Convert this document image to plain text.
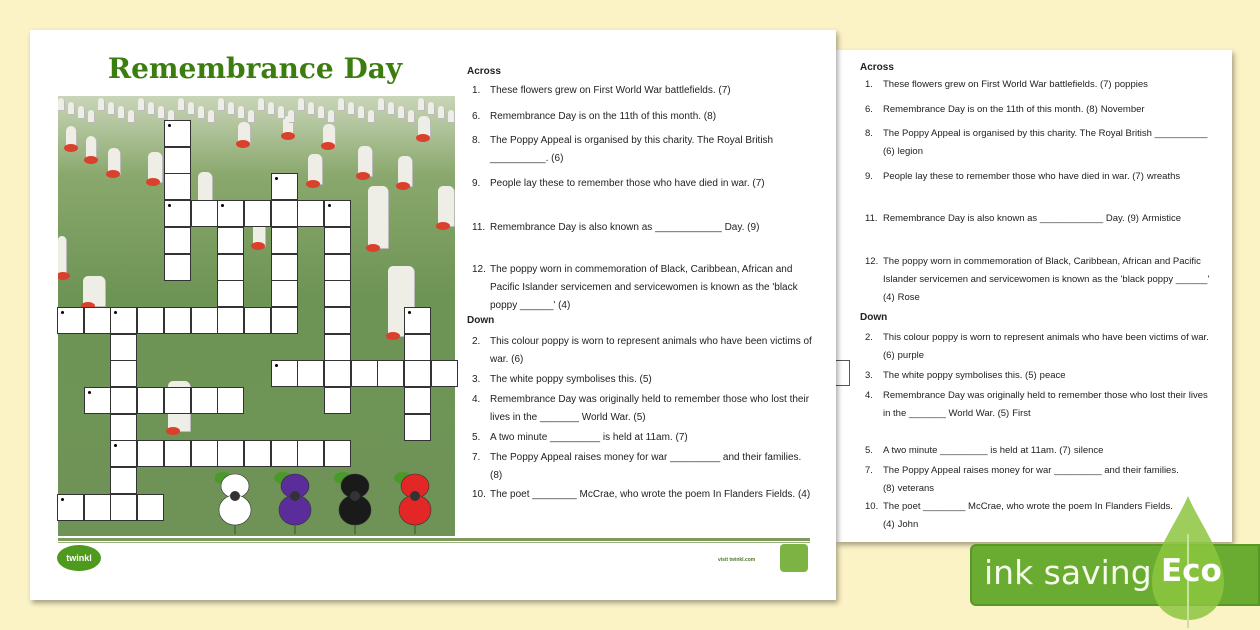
Across
Down
1.	These flowers grew on First World War battlefields. (7) poppies
6.	Remembrance Day is on the 11th of this month. (8) November
8.	The Poppy Appeal is organised by this charity. The Royal British __________ (6) legion
9.	People lay these to remember those who have died in war. (7) wreaths
11. Remembrance Day is also known as ____________ Day. (9) Armistice
12. The poppy worn in commemoration of Black, Caribbean, African and Pacific Islander servicemen and servicewomen is known as the 'black poppy ______' (4) Rose
2.	This colour poppy is worn to represent animals who have been victims of war. (6) purple
3.	The white poppy symbolises this. (5) peace
4.	Remembrance Day was originally held to remember those who lost their lives in the _______ World War. (5) First
5.	A two minute _________ is held at 11am. (7) silence
7.	The Poppy Appeal raises money for war _________ and their families. (8) veterans
10. The poet ________ McCrae, who wrote the poem In Flanders Fields. (4) John
Remembrance Day	Across
Down
1. These flowers grew on First World War battlefields. (7)
6. Remembrance Day is on the 11th of this month. (8)
8. The Poppy Appeal is organised by this charity. The Royal British __________. (6)
9. People lay these to remember those who have died in war. (7)
11. Remembrance Day is also known as ____________ Day. (9)
12. The poppy worn in commemoration of Black, Caribbean, African and Pacific Islander servicemen and servicewomen is known as the 'black poppy ______' (4)
2. This colour poppy is worn to represent animals who have been victims of war. (6)
3. The white poppy symbolises this. (5)
4. Remembrance Day was originally held to remember those who lost their lives in the _______ World War. (5)
5. A two minute _________ is held at 11am. (7)
7. The Poppy Appeal raises money for war _________ and their families. (8)
10. The poet ________ McCrae, who wrote the poem In Flanders Fields. (4)
twinkl	visit twinkl.com	ink saving Eco
